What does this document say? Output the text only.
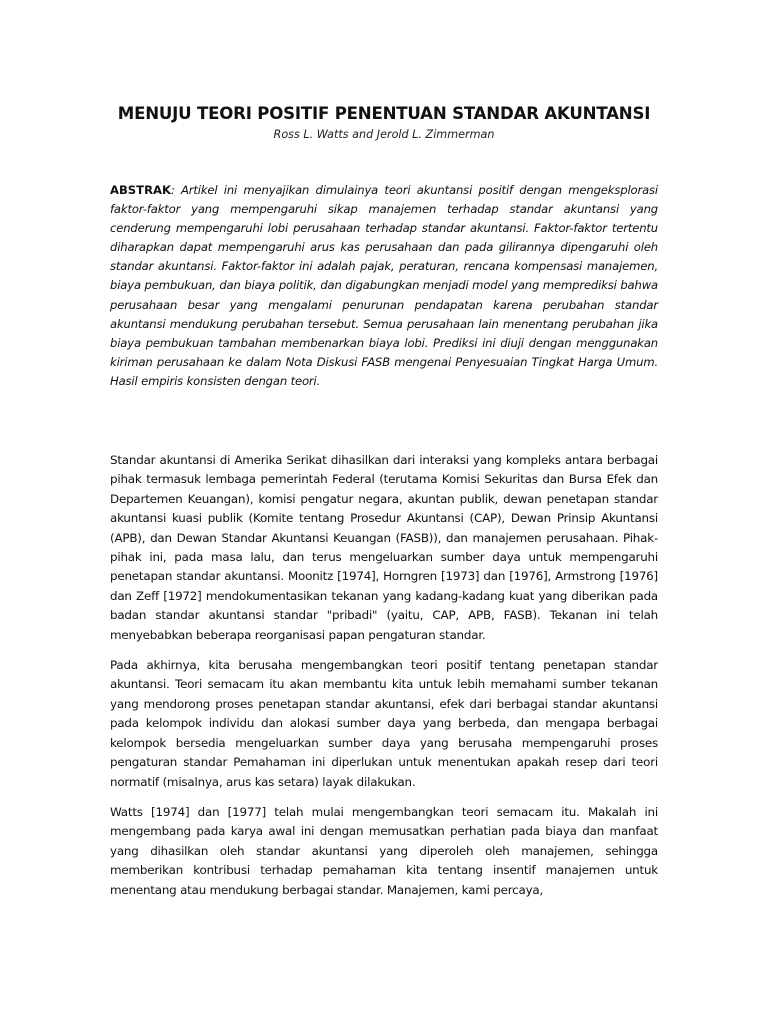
MENUJU TEORI POSITIF PENENTUAN STANDAR AKUNTANSI

Ross L. Watts and Jerold L. Zimmerman

ABSTRAK: Artikel ini menyajikan dimulainya teori akuntansi positif dengan mengeksplorasi faktor-faktor yang mempengaruhi sikap manajemen terhadap standar akuntansi yang cenderung mempengaruhi lobi perusahaan terhadap standar akuntansi. Faktor-faktor tertentu diharapkan dapat mempengaruhi arus kas perusahaan dan pada gilirannya dipengaruhi oleh standar akuntansi. Faktor-faktor ini adalah pajak, peraturan, rencana kompensasi manajemen, biaya pembukuan, dan biaya politik, dan digabungkan menjadi model yang memprediksi bahwa perusahaan besar yang mengalami penurunan pendapatan karena perubahan standar akuntansi mendukung perubahan tersebut. Semua perusahaan lain menentang perubahan jika biaya pembukuan tambahan membenarkan biaya lobi. Prediksi ini diuji dengan menggunakan kiriman perusahaan ke dalam Nota Diskusi FASB mengenai Penyesuaian Tingkat Harga Umum. Hasil empiris konsisten dengan teori.

Standar akuntansi di Amerika Serikat dihasilkan dari interaksi yang kompleks antara berbagai pihak termasuk lembaga pemerintah Federal (terutama Komisi Sekuritas dan Bursa Efek dan Departemen Keuangan), komisi pengatur negara, akuntan publik, dewan penetapan standar akuntansi kuasi publik (Komite tentang Prosedur Akuntansi (CAP), Dewan Prinsip Akuntansi (APB), dan Dewan Standar Akuntansi Keuangan (FASB)), dan manajemen perusahaan. Pihak-pihak ini, pada masa lalu, dan terus mengeluarkan sumber daya untuk mempengaruhi penetapan standar akuntansi. Moonitz [1974], Horngren [1973] dan [1976], Armstrong [1976] dan Zeff [1972] mendokumentasikan tekanan yang kadang-kadang kuat yang diberikan pada badan standar akuntansi standar "pribadi" (yaitu, CAP, APB, FASB). Tekanan ini telah menyebabkan beberapa reorganisasi papan pengaturan standar.

Pada akhirnya, kita berusaha mengembangkan teori positif tentang penetapan standar akuntansi. Teori semacam itu akan membantu kita untuk lebih memahami sumber tekanan yang mendorong proses penetapan standar akuntansi, efek dari berbagai standar akuntansi pada kelompok individu dan alokasi sumber daya yang berbeda, dan mengapa berbagai kelompok bersedia mengeluarkan sumber daya yang berusaha mempengaruhi proses pengaturan standar Pemahaman ini diperlukan untuk menentukan apakah resep dari teori normatif (misalnya, arus kas setara) layak dilakukan.

Watts [1974] dan [1977] telah mulai mengembangkan teori semacam itu. Makalah ini mengembang pada karya awal ini dengan memusatkan perhatian pada biaya dan manfaat yang dihasilkan oleh standar akuntansi yang diperoleh oleh manajemen, sehingga memberikan kontribusi terhadap pemahaman kita tentang insentif manajemen untuk menentang atau mendukung berbagai standar. Manajemen, kami percaya,
